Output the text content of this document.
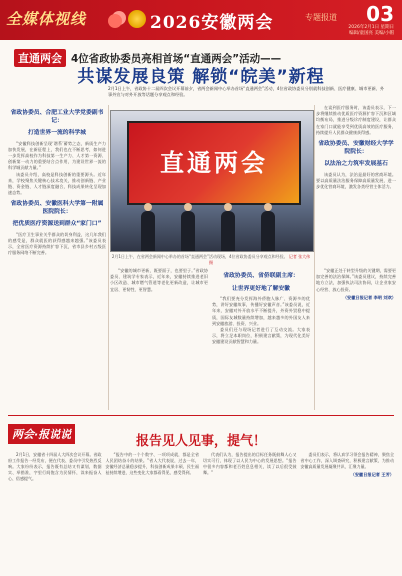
全媒体视线	2026安徽两会	专题报道 03
2026年2月1日 星期日
编辑/童国亮 美编/小帽
直通两会 4位省政协委员亮相首场“直通两会”活动——
共谋发展良策 解锁“皖美”新程
2月1日上午，省政协十二届四次会议开幕前夕，省两会新闻中心举办首场“直通两会”活动，4位省政协委员分别就科技创新、医疗健康、城市更新、外事外宣与对外开放等话题分享观点和经验。
省政协委员、合肥工业大学党委副书记：
打造世界一流的科学城
“安徽科技创新呈现‘谱系’蓄势之态，新质生产力加快发展，在新征程上，我们也在不断思考，如何进一步发挥高校作为科技第一生产力、人才第一资源、创新第一动力的重要结合点作用，为建设世界一流的科学城贡献力量。”
该委员介绍，高校是科技创新的重要源头。近年来，学校聚焦关键核心技术攻关，推动创新链、产业链、资金链、人才链深度融合，科技成果转化呈现加速态势。
省政协委员、安徽医科大学第一附属医院院长：
把优质医疗资源送到群众“家门口”
“医疗卫生事业关乎群众的切身利益，这几年我们的感受是，群众就医的获得感越来越强。”该委员表示，全省医疗资源持续扩容下沉，省市县乡村五级医疗服务网络不断完善。
直通两会
2月1日上午，在省两会新闻中心举办的首场“直通两会”活动现场，4位省政协委员分享观点和经验。 记者 张大伟 摄
在谈到医疗服务时，该委员表示，下一步将继续推动优质医疗资源扩容下沉和区域均衡布局，推进分级诊疗制度建设，让群众在家门口就能享受到优质高效的医疗服务，持续提升人民群众健康获得感。
省政协委员、安徽财经大学学院院长：
以法治之力筑牢发展基石
该委员认为，法治是最好的营商环境。要以高质量法治服务保障高质量发展，进一步优化营商环境，激发各类经营主体活力。
“安徽的城市更新，既要面子，也要里子。”省政协委员、建筑学专家表示，近年来，安徽持续推进老旧小区改造、城市燃气管道等老化更新改造，让城市更宜居、更韧性、更智慧。
省政协委员、省侨联副主席：
让世界更好地了解安徽
“我们要充分发挥海外侨胞人脉广、资源多的优势，讲好安徽故事，传播好安徽声音。”该委员说，近年来，安徽对外开放水平不断提升，外资外贸稳中提质，国际友城数量持续增加，越来越多的外国友人来到安徽旅游、投资、兴业。
委员们还与现场记者进行了互动交流。大家表示，将立足本职岗位，积极建言献策，为现代化美好安徽建设贡献智慧和力量。
“安徽正处于转型升级的关键期，需要更加完善的法治保障。”该委员建议，持续完善地方立法，加强执法司法协同，让企业家安心经营、放心投资。
（安徽日报记者 李明 刘欢）
两会·报说说	报告见人见事，提气！
2月1日，安徽省十四届人大四次会议开幕。省政府工作报告一经发布，便在代表、委员中引发热烈反响。大家纷纷表示，报告既有总结又有谋划，数据实、举措准，字里行间饱含为民情怀，读来振奋人心、倍感提气。
“报告中的一个个数字、一项项成就，都是全省人民团结奋斗的结果。”省人大代表说，过去一年，安徽经济总量稳步提升，科技创新成果丰硕，民生福祉持续增进，这些变化大家都看得见、感受得到。
代表们认为，报告提出的目标任务既鼓舞人心又切实可行，体现了以人民为中心的发展思想。“报告中很多内容都和老百姓息息相关，读了以后很受鼓舞。”
委员们表示，将认真学习领会报告精神，聚焦全省中心工作，深入调查研究，积极建言献策，为推动安徽高质量发展凝聚共识、汇聚力量。
（安徽日报记者 王芳）
